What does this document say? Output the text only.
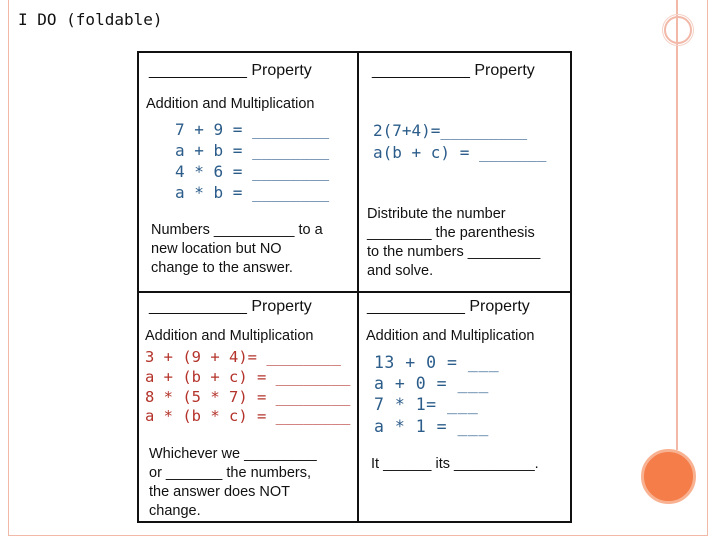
I DO (foldable)
___________ Property
Addition and Multiplication
7 + 9 = ________
a + b = ________
4 * 6 = ________
a * b = ________
Numbers __________ to a
new location but NO
change to the answer.
___________ Property
2(7+4)=_________
a(b + c) = _______
Distribute the number
________ the parenthesis
to the numbers _________
and solve.
___________ Property
Addition and Multiplication
3 + (9 + 4)= ________
a + (b + c) = ________
8 * (5 * 7) = ________
a * (b * c) = ________
Whichever we _________
or _______ the numbers,
the answer does NOT
change.
___________ Property
Addition and Multiplication
13 + 0 = ___
a + 0 = ___
7 * 1= ___
a * 1 = ___
It ______ its __________.
